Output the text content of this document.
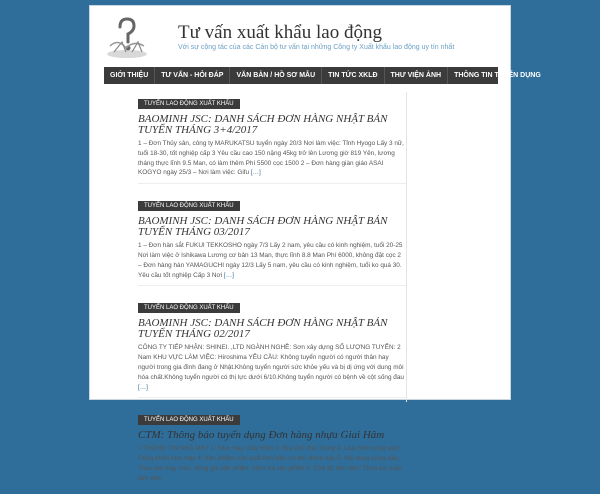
Tư vấn xuất khẩu lao động
Với sự cộng tác của các Cán bộ tư vấn tại những Công ty Xuất khẩu lao động uy tín nhất
GIỚI THIỆU	TƯ VẤN - HỎI ĐÁP	VĂN BẢN / HỒ SƠ MẪU	TIN TỨC XKLĐ	THƯ VIỆN ẢNH	THÔNG TIN TUYỂN DỤNG
TUYỂN LAO ĐỘNG XUẤT KHẨU
BAOMINH JSC: DANH SÁCH ĐƠN HÀNG NHẬT BẢN TUYỂN THÁNG 3+4/2017
1 – Đơn Thủy sản, công ty MARUKATSU tuyển ngày 20/3 Nơi làm việc: Tỉnh Hyogo Lấy 3 nữ, tuổi 18-30, tốt nghiệp cấp 3 Yêu cầu cao 150 nặng 45kg trở lên Lương giờ 819 Yên, lương tháng thực lĩnh 9.5 Man, có làm thêm Phí 5500 cọc 1500 2 – Đơn hàng giàn giáo ASAI KOGYO ngày 25/3 – Nơi làm việc: Gifu […]
TUYỂN LAO ĐỘNG XUẤT KHẨU
BAOMINH JSC: DANH SÁCH ĐƠN HÀNG NHẬT BẢN TUYỂN THÁNG 03/2017
1 – Đơn hàn sắt FUKUI TEKKOSHO ngày 7/3 Lấy 2 nam, yêu cầu có kinh nghiệm, tuổi 20-25 Nơi làm việc ở Ishikawa Lương cơ bản 13 Man, thực lĩnh 8.8 Man Phí 6000, không đặt cọc 2 – Đơn hàng hàn YAMAGUCHI ngày 12/3 Lấy 5 nam, yêu cầu có kinh nghiệm, tuổi ko quá 30. Yêu cầu tốt nghiệp Cấp 3 Nơi […]
TUYỂN LAO ĐỘNG XUẤT KHẨU
BAOMINH JSC: DANH SÁCH ĐƠN HÀNG NHẬT BẢN TUYỂN THÁNG 02/2017
CÔNG TY TIẾP NHẬN: SHINEI. ,LTD NGÀNH NGHỀ: Sơn xây dựng SỐ LƯỢNG TUYỂN: 2 Nam KHU VỰC LÀM VIỆC: Hiroshima YÊU CẦU: Không tuyển người có người thân hay người trong gia đình đang ở Nhật.Không tuyển người sức khỏe yếu và bị dị ứng với dung môi hóa chất.Không tuyển người có thị lực dưới 6/10.Không tuyển người có bệnh về cột sống đau […]
TUYỂN LAO ĐỘNG XUẤT KHẨU
CTM: Thông báo tuyển dụng Đơn hàng nhựa Giai Hâm
I: THÔNG TIN NHÀ MÁY 1: Nhà máy: Giai Hâm 2: Địa Chỉ: Đài Trung 3: Loại hình công việc: Công nhân nhà máy 4: Sản phẩm: sản xuất linh kiện cơ khí chính xác 5: Nội dung công việc: Thao tác máy móc, đóng gói sản phẩm, kiểm tra sản phẩm 6: Chế độ làm việc: Theo ca, tuần làm việc […]
